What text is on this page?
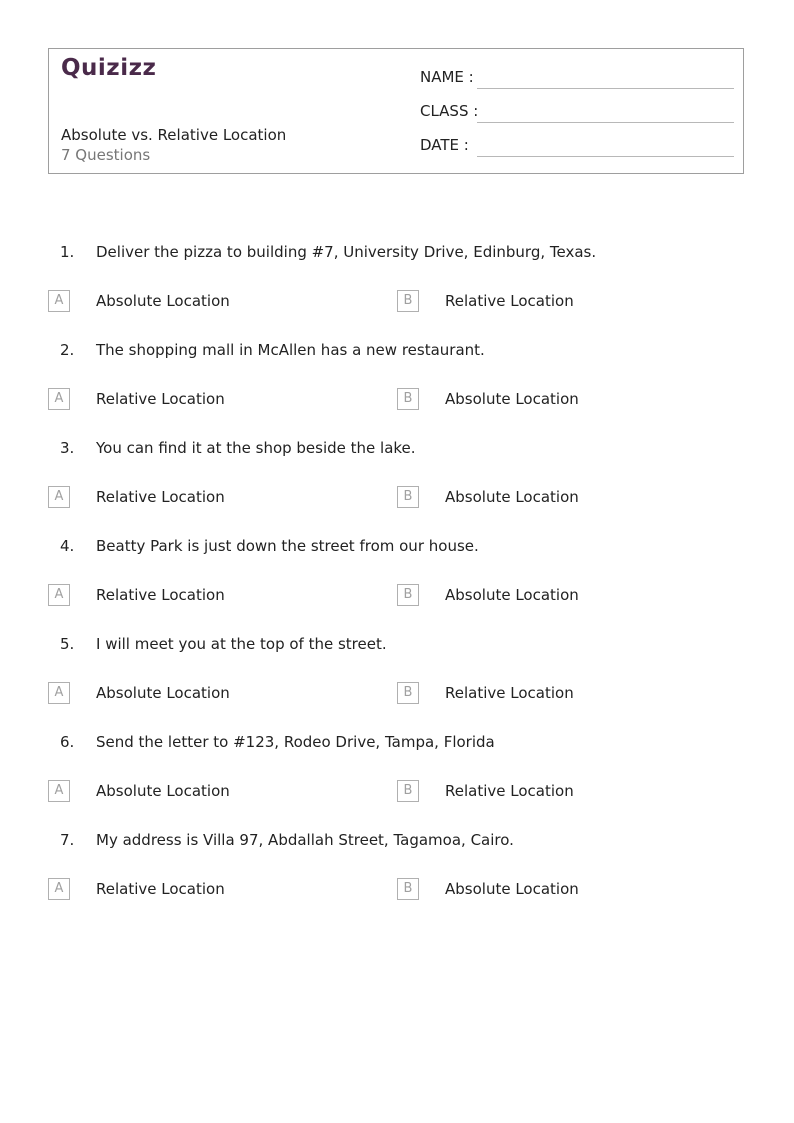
Quizizz
Absolute vs. Relative Location
7 Questions
NAME :
CLASS :
DATE :
1. Deliver the pizza to building #7, University Drive, Edinburg, Texas.
A	Absolute Location	B	Relative Location
2. The shopping mall in McAllen has a new restaurant.
A	Relative Location	B	Absolute Location
3. You can find it at the shop beside the lake.
A	Relative Location	B	Absolute Location
4. Beatty Park is just down the street from our house.
A	Relative Location	B	Absolute Location
5. I will meet you at the top of the street.
A	Absolute Location	B	Relative Location
6. Send the letter to #123, Rodeo Drive, Tampa, Florida
A	Absolute Location	B	Relative Location
7. My address is Villa 97, Abdallah Street, Tagamoa, Cairo.
A	Relative Location	B	Absolute Location
